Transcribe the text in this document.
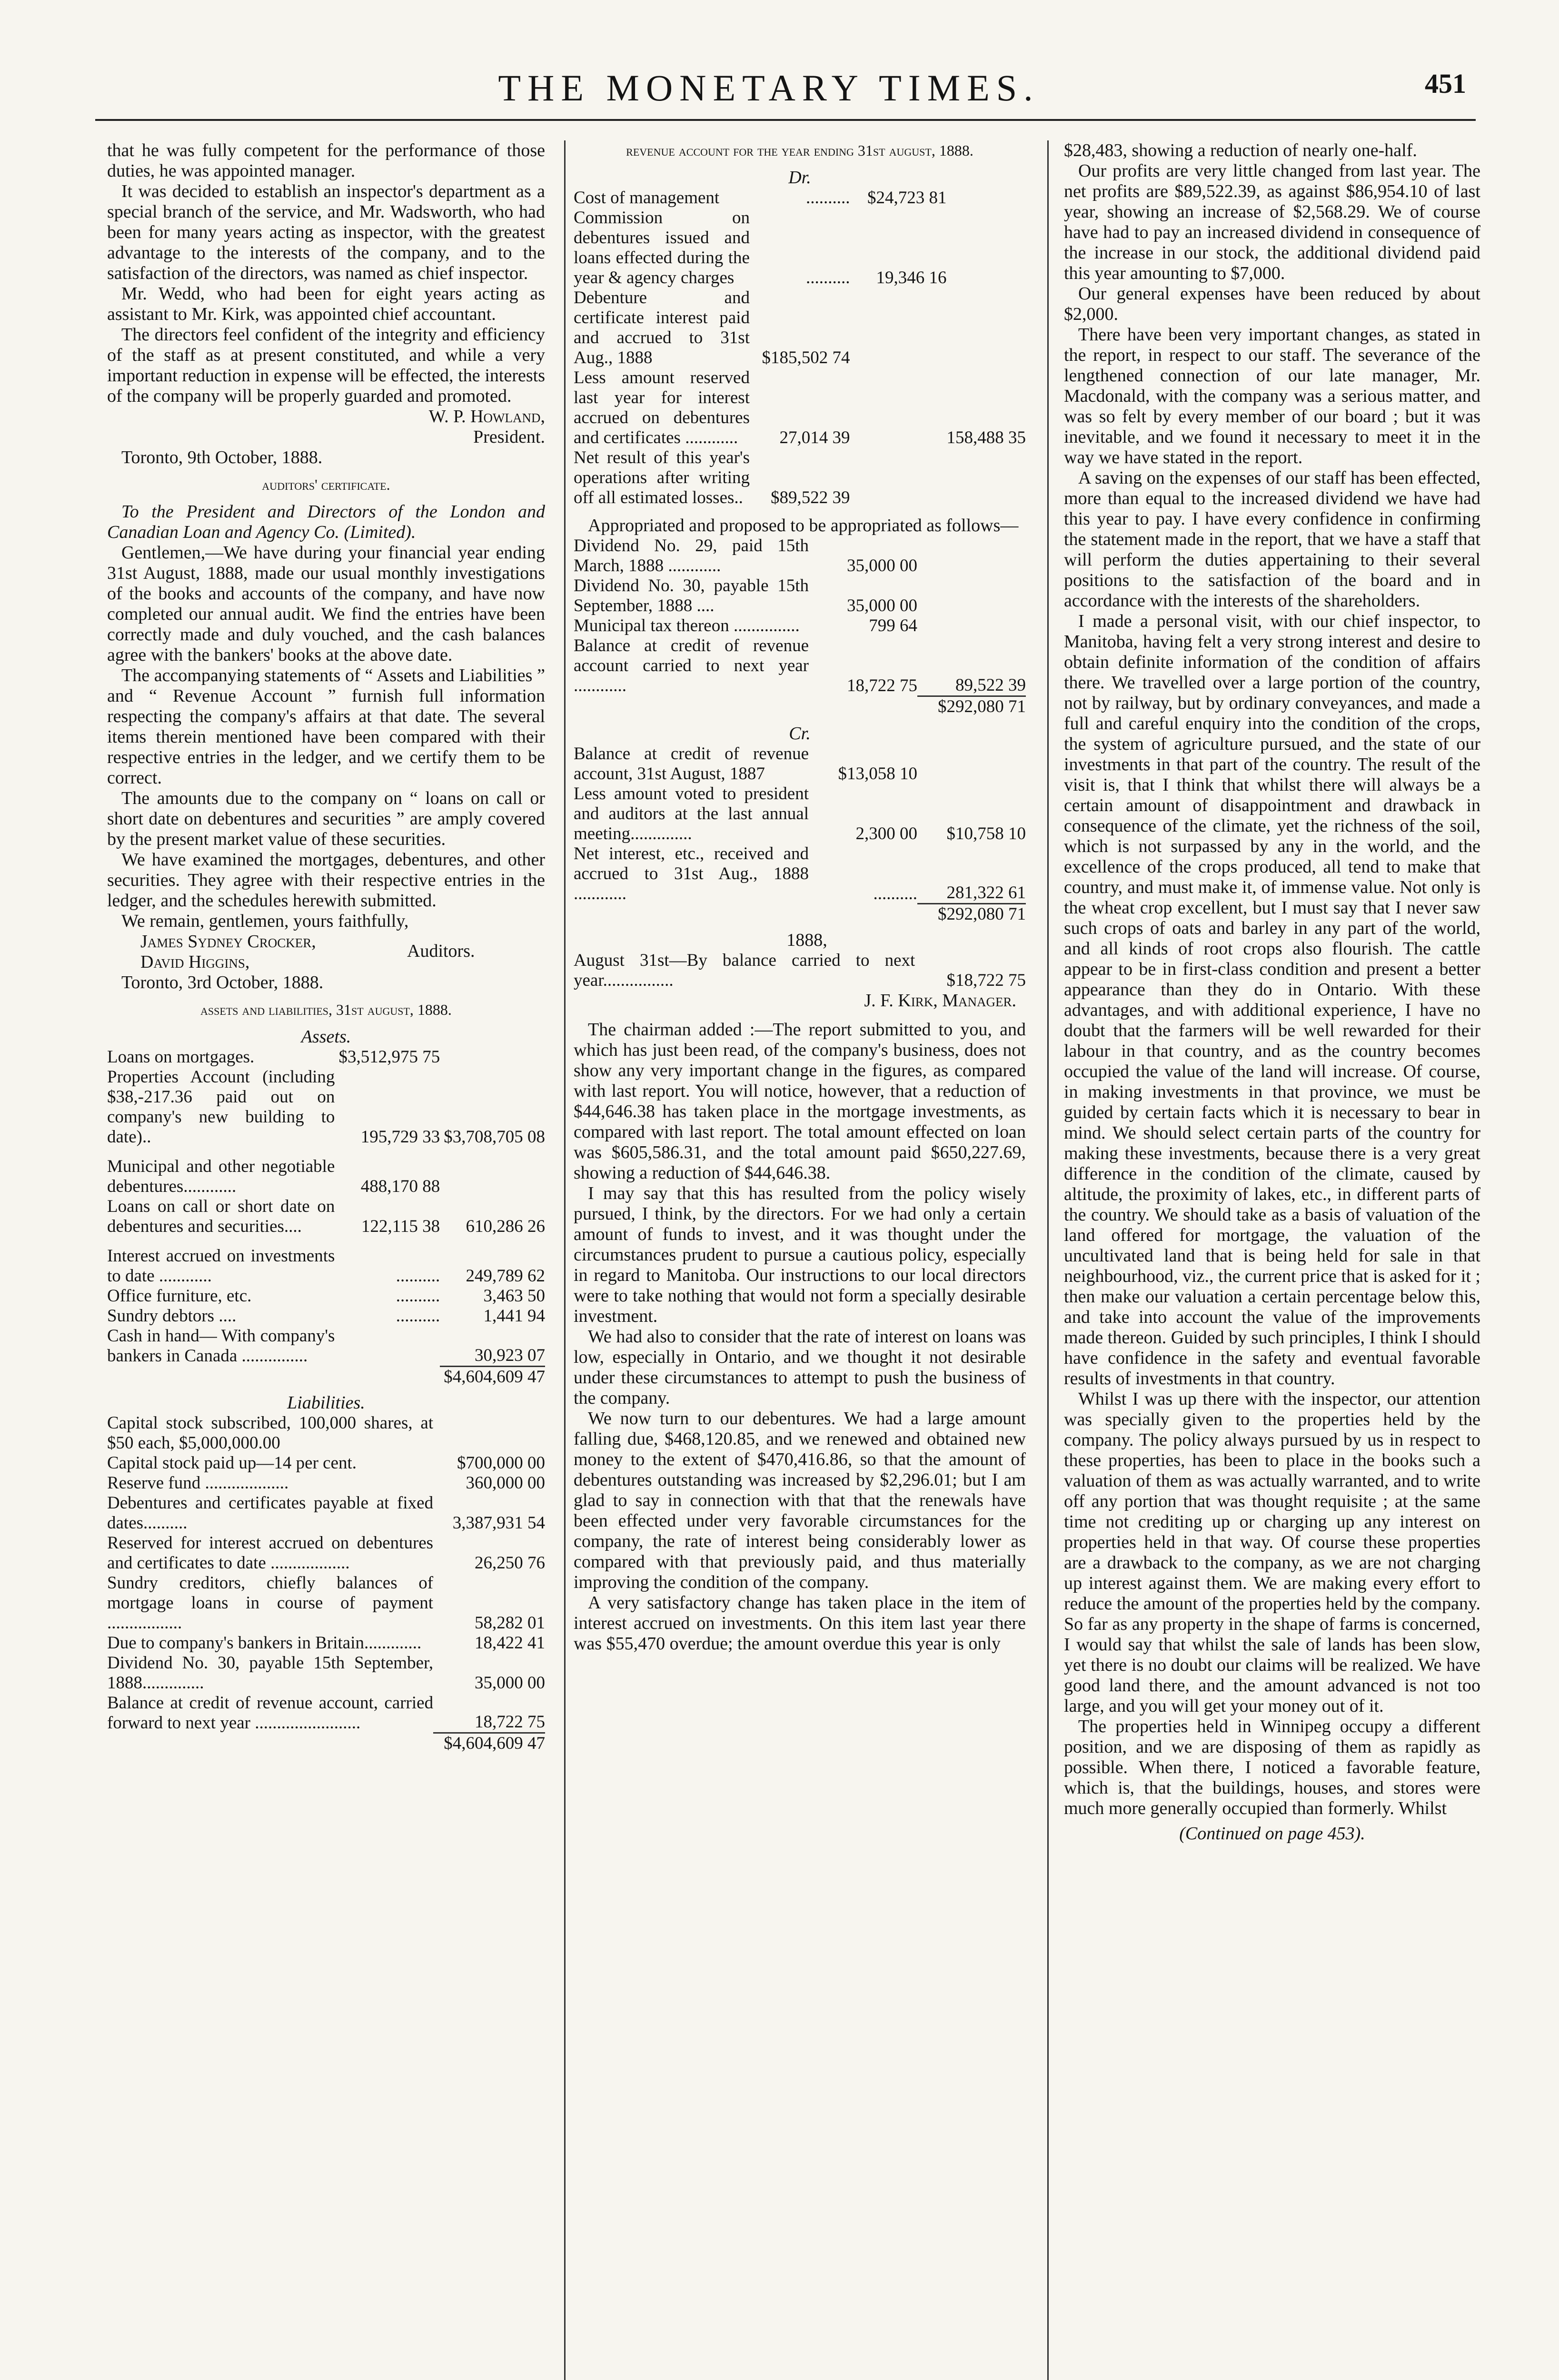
THE MONETARY TIMES.	451

that he was fully competent for the performance of those duties, he was appointed manager.

It was decided to establish an inspector's department as a special branch of the service, and Mr. Wadsworth, who had been for many years acting as inspector, with the greatest advantage to the interests of the company, and to the satisfaction of the directors, was named as chief inspector.

Mr. Wedd, who had been for eight years acting as assistant to Mr. Kirk, was appointed chief accountant.

The directors feel confident of the integrity and efficiency of the staff as at present constituted, and while a very important reduction in expense will be effected, the interests of the company will be properly guarded and promoted.

W. P. Howland,

President.

Toronto, 9th October, 1888.

auditors' certificate.

To the President and Directors of the London and Canadian Loan and Agency Co. (Limited).

Gentlemen,—We have during your financial year ending 31st August, 1888, made our usual monthly investigations of the books and accounts of the company, and have now completed our annual audit. We find the entries have been correctly made and duly vouched, and the cash balances agree with the bankers' books at the above date.

The accompanying statements of “ Assets and Liabilities ” and “ Revenue Account ” furnish full information respecting the company's affairs at that date. The several items therein mentioned have been compared with their respective entries in the ledger, and we certify them to be correct.

The amounts due to the company on “ loans on call or short date on debentures and securities ” are amply covered by the present market value of these securities.

We have examined the mortgages, debentures, and other securities. They agree with their respective entries in the ledger, and the schedules herewith submitted.

We remain, gentlemen, yours faithfully,

James Sydney Crocker,
David Higgins,
Auditors.

Toronto, 3rd October, 1888.

assets and liabilities, 31st august, 1888.
Assets.
Loans on mortgages.	$3,512,975 75	
Properties Account (including $38,-217.36 paid out on company's new building to date)..	195,729 33	$3,708,705 08

Municipal and other negotiable debentures............	488,170 88	
Loans on call or short date on debentures and securities....	122,115 38	610,286 26

Interest accrued on investments to date ............	..........	249,789 62
Office furniture, etc.	..........	3,463 50
Sundry debtors ....	..........	1,441 94
Cash in hand— With company's bankers in Canada ...............		30,923 07
		$4,604,609 47
Liabilities.
Capital stock subscribed, 100,000 shares, at $50 each, $5,000,000.00	
Capital stock paid up—14 per cent.	$700,000 00
Reserve fund ...................	360,000 00
Debentures and certificates payable at fixed dates..........	3,387,931 54
Reserved for interest accrued on debentures and certificates to date ..................	26,250 76
Sundry creditors, chiefly balances of mortgage loans in course of payment .................	58,282 01
Due to company's bankers in Britain.............	18,422 41
Dividend No. 30, payable 15th September, 1888..............	35,000 00
Balance at credit of revenue account, carried forward to next year ........................	18,722 75
	$4,604,609 47
revenue account for the year ending 31st august, 1888.
Dr.
Cost of management	..........	$24,723 81	
Commission on debentures issued and loans effected during the year & agency charges	..........	19,346 16	
Debenture and certificate interest paid and accrued to 31st Aug., 1888	$185,502 74		
Less amount reserved last year for interest accrued on debentures and certificates ............	27,014 39		158,488 35
Net result of this year's operations after writing off all estimated losses..	$89,522 39		

Appropriated and proposed to be appropriated as follows—

Dividend No. 29, paid 15th March, 1888 ............	35,000 00	
Dividend No. 30, payable 15th September, 1888 ....	35,000 00	
Municipal tax thereon ...............	799 64	
Balance at credit of revenue account carried to next year ............	18,722 75	89,522 39
		$292,080 71
Cr.
Balance at credit of revenue account, 31st August, 1887	$13,058 10	
Less amount voted to president and auditors at the last annual meeting..............	2,300 00	$10,758 10
Net interest, etc., received and accrued to 31st Aug., 1888 ............	..........	281,322 61
		$292,080 71

1888,

August 31st—By balance carried to next year................	$18,722 75

J. F. Kirk, Manager.

The chairman added :—The report submitted to you, and which has just been read, of the company's business, does not show any very important change in the figures, as compared with last report. You will notice, however, that a reduction of $44,646.38 has taken place in the mortgage investments, as compared with last report. The total amount effected on loan was $605,586.31, and the total amount paid $650,227.69, showing a reduction of $44,646.38.

I may say that this has resulted from the policy wisely pursued, I think, by the directors. For we had only a certain amount of funds to invest, and it was thought under the circumstances prudent to pursue a cautious policy, especially in regard to Manitoba. Our instructions to our local directors were to take nothing that would not form a specially desirable investment.

We had also to consider that the rate of interest on loans was low, especially in Ontario, and we thought it not desirable under these circumstances to attempt to push the business of the company.

We now turn to our debentures. We had a large amount falling due, $468,120.85, and we renewed and obtained new money to the extent of $470,416.86, so that the amount of debentures outstanding was increased by $2,296.01; but I am glad to say in connection with that that the renewals have been effected under very favorable circumstances for the company, the rate of interest being considerably lower as compared with that previously paid, and thus materially improving the condition of the company.

A very satisfactory change has taken place in the item of interest accrued on investments. On this item last year there was $55,470 overdue; the amount overdue this year is only

$28,483, showing a reduction of nearly one-half.

Our profits are very little changed from last year. The net profits are $89,522.39, as against $86,954.10 of last year, showing an increase of $2,568.29. We of course have had to pay an increased dividend in consequence of the increase in our stock, the additional dividend paid this year amounting to $7,000.

Our general expenses have been reduced by about $2,000.

There have been very important changes, as stated in the report, in respect to our staff. The severance of the lengthened connection of our late manager, Mr. Macdonald, with the company was a serious matter, and was so felt by every member of our board ; but it was inevitable, and we found it necessary to meet it in the way we have stated in the report.

A saving on the expenses of our staff has been effected, more than equal to the increased dividend we have had this year to pay. I have every confidence in confirming the statement made in the report, that we have a staff that will perform the duties appertaining to their several positions to the satisfaction of the board and in accordance with the interests of the shareholders.

I made a personal visit, with our chief inspector, to Manitoba, having felt a very strong interest and desire to obtain definite information of the condition of affairs there. We travelled over a large portion of the country, not by railway, but by ordinary conveyances, and made a full and careful enquiry into the condition of the crops, the system of agriculture pursued, and the state of our investments in that part of the country. The result of the visit is, that I think that whilst there will always be a certain amount of disappointment and drawback in consequence of the climate, yet the richness of the soil, which is not surpassed by any in the world, and the excellence of the crops produced, all tend to make that country, and must make it, of immense value. Not only is the wheat crop excellent, but I must say that I never saw such crops of oats and barley in any part of the world, and all kinds of root crops also flourish. The cattle appear to be in first-class condition and present a better appearance than they do in Ontario. With these advantages, and with additional experience, I have no doubt that the farmers will be well rewarded for their labour in that country, and as the country becomes occupied the value of the land will increase. Of course, in making investments in that province, we must be guided by certain facts which it is necessary to bear in mind. We should select certain parts of the country for making these investments, because there is a very great difference in the condition of the climate, caused by altitude, the proximity of lakes, etc., in different parts of the country. We should take as a basis of valuation of the land offered for mortgage, the valuation of the uncultivated land that is being held for sale in that neighbourhood, viz., the current price that is asked for it ; then make our valuation a certain percentage below this, and take into account the value of the improvements made thereon. Guided by such principles, I think I should have confidence in the safety and eventual favorable results of investments in that country.

Whilst I was up there with the inspector, our attention was specially given to the properties held by the company. The policy always pursued by us in respect to these properties, has been to place in the books such a valuation of them as was actually warranted, and to write off any portion that was thought requisite ; at the same time not crediting up or charging up any interest on properties held in that way. Of course these properties are a drawback to the company, as we are not charging up interest against them. We are making every effort to reduce the amount of the properties held by the company. So far as any property in the shape of farms is concerned, I would say that whilst the sale of lands has been slow, yet there is no doubt our claims will be realized. We have good land there, and the amount advanced is not too large, and you will get your money out of it.

The properties held in Winnipeg occupy a different position, and we are disposing of them as rapidly as possible. When there, I noticed a favorable feature, which is, that the buildings, houses, and stores were much more generally occupied than formerly. Whilst

(Continued on page 453).
